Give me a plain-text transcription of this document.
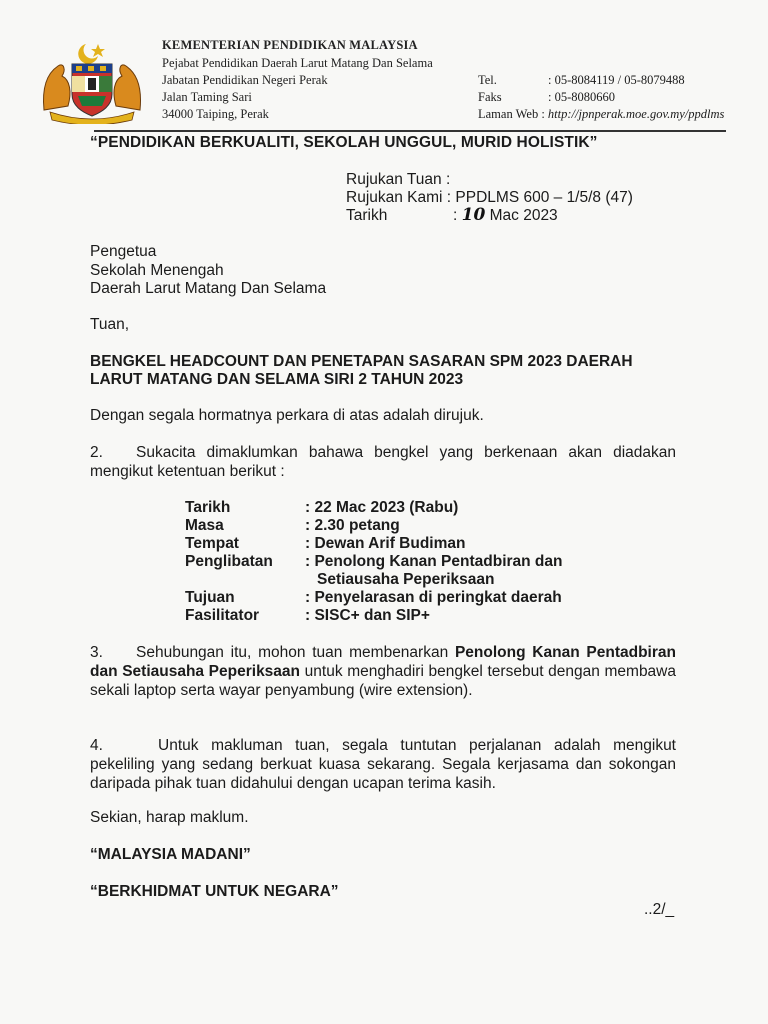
KEMENTERIAN PENDIDIKAN MALAYSIA
Pejabat Pendidikan Daerah Larut Matang Dan Selama
Jabatan Pendidikan Negeri Perak
Jalan Taming Sari
34000 Taiping, Perak
Tel.	: 05-8084119 / 05-8079488
Faks	: 05-8080660
Laman Web : http://jpnperak.moe.gov.my/ppdlms
“PENDIDIKAN BERKUALITI, SEKOLAH UNGGUL, MURID HOLISTIK”
Rujukan Tuan :
Rujukan Kami : PPDLMS 600 – 1/5/8 (47)
Tarikh	: 10 Mac 2023
Pengetua
Sekolah Menengah
Daerah Larut Matang Dan Selama
Tuan,
BENGKEL HEADCOUNT DAN PENETAPAN SASARAN SPM 2023 DAERAH
LARUT MATANG DAN SELAMA SIRI 2 TAHUN 2023
Dengan segala hormatnya perkara di atas adalah dirujuk.
2. Sukacita dimaklumkan bahawa bengkel yang berkenaan akan diadakan mengikut ketentuan berikut :
Tarikh	: 22 Mac 2023 (Rabu)
Masa	: 2.30 petang
Tempat	: Dewan Arif Budiman
Penglibatan	: Penolong Kanan Pentadbiran dan
Setiausaha Peperiksaan

Tujuan	: Penyelarasan di peringkat daerah
Fasilitator	: SISC+ dan SIP+
3. Sehubungan itu, mohon tuan membenarkan Penolong Kanan Pentadbiran dan Setiausaha Peperiksaan untuk menghadiri bengkel tersebut dengan membawa sekali laptop serta wayar penyambung (wire extension).
4.	Untuk makluman tuan, segala tuntutan perjalanan adalah mengikut pekeliling yang sedang berkuat kuasa sekarang. Segala kerjasama dan sokongan daripada pihak tuan didahului dengan ucapan terima kasih.
Sekian, harap maklum.
“MALAYSIA MADANI”
“BERKHIDMAT UNTUK NEGARA”
..2/_
